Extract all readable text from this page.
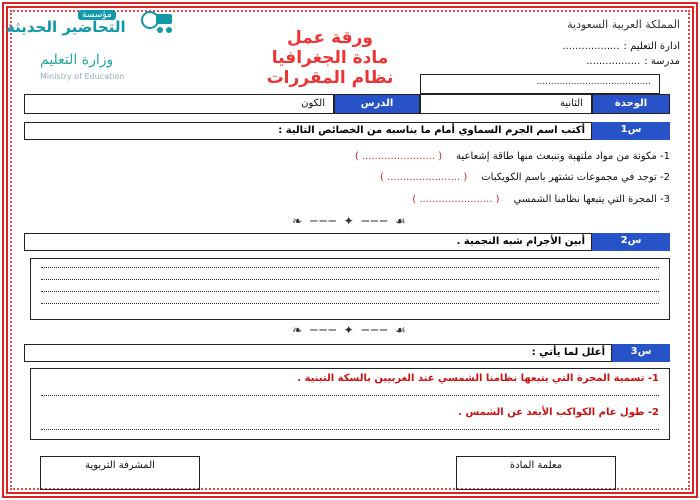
مؤسسة
التحاضير الحديثة
وزارة التعليم
Ministry of Education
ورقة عمل
مادة الجغرافيا
نظام المقررات
المملكة العربية السعودية
ادارة التعليم :
..................
مدرسة :
.................
........................................
الوحدة
الثانية
الدرس
الكون
س1
أكتب اسم الجرم السماوي أمام ما يناسبه من الخصائص التالية :
1- مكونة من مواد ملتهبة وتنبعث منها طاقة إشعاعية( ....................... )
2- توجد في مجموعات تشتهر باسم الكويكبات( ....................... )
3- المجرة التي يتبعها نظامنا الشمسي( ....................... )
❧ ─── ✦ ─── ☙
س2
أبين الأجرام شبه النجمية .
❧ ─── ✦ ─── ☙
س3
أعلل لما يأتي :
1- تسمية المجرة التي يتبعها نظامنا الشمسي عند الغربيين بالسكة التبنية .
2- طول عام الكواكب الأبعد عن الشمس .
معلمة المادة
المشرفة التربوية
